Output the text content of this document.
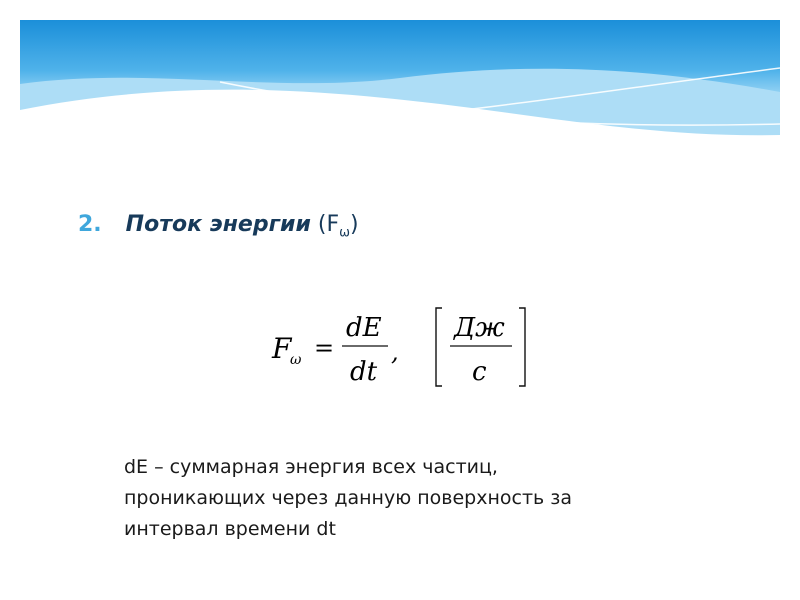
2. Поток энергии ( $F_\omega$ )
F
ω =
dE
dt
,
Дж
c
dE – суммарная энергия всех частиц,
проникающих через данную поверхность за
интервал времени dt
